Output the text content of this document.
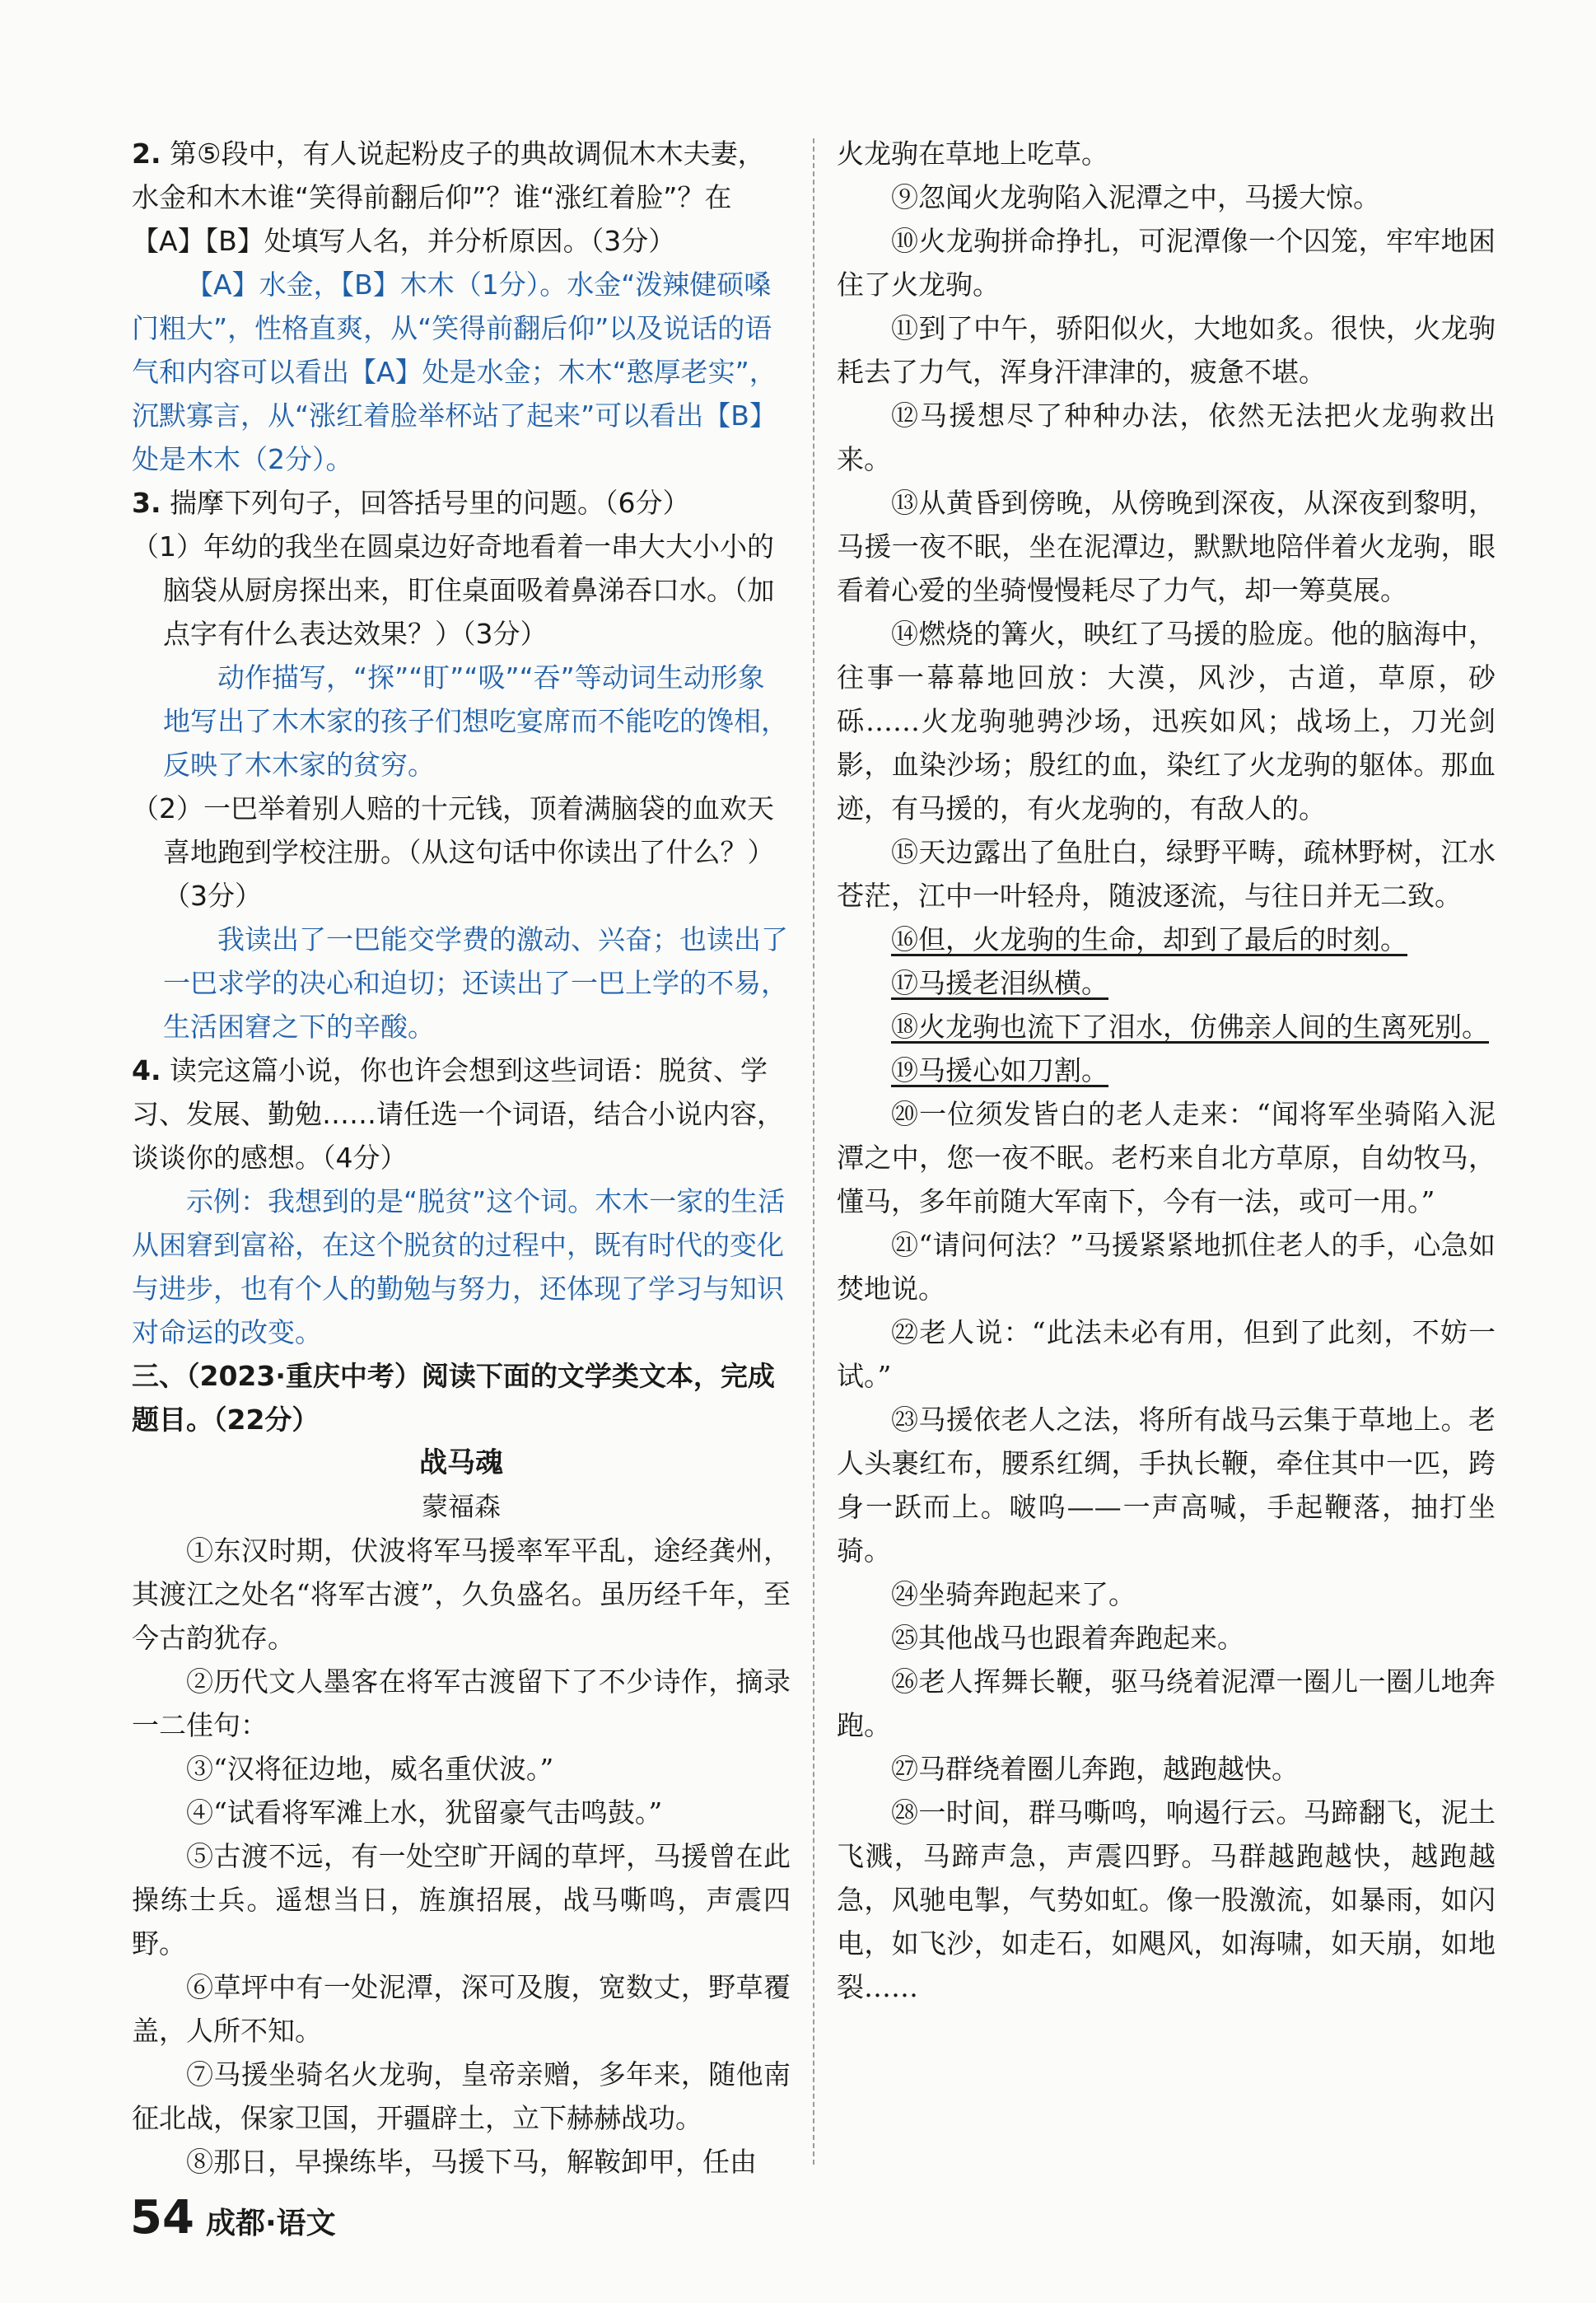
2. 第⑤段中，有人说起粉皮子的典故调侃木木夫妻，水金和木木谁“笑得前翻后仰”？谁“涨红着脸”？在【A】【B】处填写人名，并分析原因。（3分）

【A】水金，【B】木木（1分）。水金“泼辣健硕嗓门粗大”，性格直爽，从“笑得前翻后仰”以及说话的语气和内容可以看出【A】处是水金；木木“憨厚老实”，沉默寡言，从“涨红着脸举杯站了起来”可以看出【B】处是木木（2分）。

3. 揣摩下列句子，回答括号里的问题。（6分）

（1）年幼的我坐在圆桌边好奇地看着一串大大小小的脑袋从厨房探出来，盯住桌面吸着鼻涕吞口水。（加点字有什么表达效果？）（3分）

动作描写，“探”“盯”“吸”“吞”等动词生动形象地写出了木木家的孩子们想吃宴席而不能吃的馋相，反映了木木家的贫穷。

（2）一巴举着别人赔的十元钱，顶着满脑袋的血欢天喜地跑到学校注册。（从这句话中你读出了什么？）（3分）

我读出了一巴能交学费的激动、兴奋；也读出了一巴求学的决心和迫切；还读出了一巴上学的不易，生活困窘之下的辛酸。

4. 读完这篇小说，你也许会想到这些词语：脱贫、学习、发展、勤勉……请任选一个词语，结合小说内容，谈谈你的感想。（4分）

示例：我想到的是“脱贫”这个词。木木一家的生活从困窘到富裕，在这个脱贫的过程中，既有时代的变化与进步，也有个人的勤勉与努力，还体现了学习与知识对命运的改变。

三、（2023·重庆中考）阅读下面的文学类文本，完成题目。（22分）

战马魂

蒙福森

①东汉时期，伏波将军马援率军平乱，途经龚州，其渡江之处名“将军古渡”，久负盛名。虽历经千年，至今古韵犹存。

②历代文人墨客在将军古渡留下了不少诗作，摘录一二佳句：

③“汉将征边地，威名重伏波。”

④“试看将军滩上水，犹留豪气击鸣鼓。”

⑤古渡不远，有一处空旷开阔的草坪，马援曾在此操练士兵。遥想当日，旌旗招展，战马嘶鸣，声震四野。

⑥草坪中有一处泥潭，深可及腹，宽数丈，野草覆盖，人所不知。

⑦马援坐骑名火龙驹，皇帝亲赠，多年来，随他南征北战，保家卫国，开疆辟土，立下赫赫战功。

⑧那日，早操练毕，马援下马，解鞍卸甲，任由

火龙驹在草地上吃草。

⑨忽闻火龙驹陷入泥潭之中，马援大惊。

⑩火龙驹拼命挣扎，可泥潭像一个囚笼，牢牢地困住了火龙驹。

⑪到了中午，骄阳似火，大地如炙。很快，火龙驹耗去了力气，浑身汗津津的，疲惫不堪。

⑫马援想尽了种种办法，依然无法把火龙驹救出来。

⑬从黄昏到傍晚，从傍晚到深夜，从深夜到黎明，马援一夜不眠，坐在泥潭边，默默地陪伴着火龙驹，眼看着心爱的坐骑慢慢耗尽了力气，却一筹莫展。

⑭燃烧的篝火，映红了马援的脸庞。他的脑海中，往事一幕幕地回放：大漠，风沙，古道，草原，砂砾……火龙驹驰骋沙场，迅疾如风；战场上，刀光剑影，血染沙场；殷红的血，染红了火龙驹的躯体。那血迹，有马援的，有火龙驹的，有敌人的。

⑮天边露出了鱼肚白，绿野平畴，疏林野树，江水苍茫，江中一叶轻舟，随波逐流，与往日并无二致。

⑯但，火龙驹的生命，却到了最后的时刻。

⑰马援老泪纵横。

⑱火龙驹也流下了泪水，仿佛亲人间的生离死别。

⑲马援心如刀割。

⑳一位须发皆白的老人走来：“闻将军坐骑陷入泥潭之中，您一夜不眠。老朽来自北方草原，自幼牧马，懂马，多年前随大军南下，今有一法，或可一用。”

㉑“请问何法？”马援紧紧地抓住老人的手，心急如焚地说。

㉒老人说：“此法未必有用，但到了此刻，不妨一试。”

㉓马援依老人之法，将所有战马云集于草地上。老人头裹红布，腰系红绸，手执长鞭，牵住其中一匹，跨身一跃而上。啵呜——一声高喊，手起鞭落，抽打坐骑。

㉔坐骑奔跑起来了。

㉕其他战马也跟着奔跑起来。

㉖老人挥舞长鞭，驱马绕着泥潭一圈儿一圈儿地奔跑。

㉗马群绕着圈儿奔跑，越跑越快。

㉘一时间，群马嘶鸣，响遏行云。马蹄翻飞，泥土飞溅，马蹄声急，声震四野。马群越跑越快，越跑越急，风驰电掣，气势如虹。像一股激流，如暴雨，如闪电，如飞沙，如走石，如飓风，如海啸，如天崩，如地裂……

54 成都·语文
